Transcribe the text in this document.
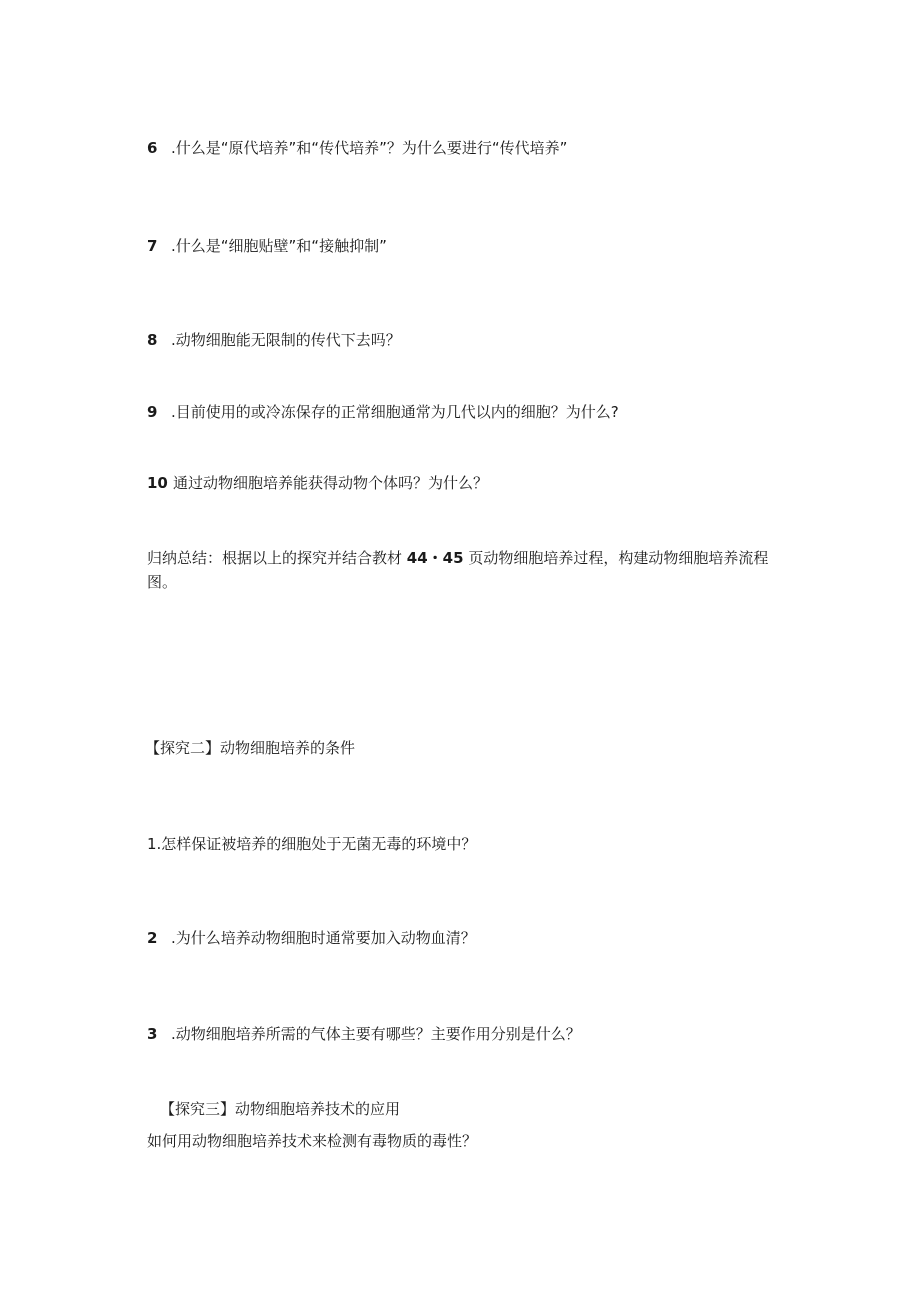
6 .什么是“原代培养”和“传代培养”？为什么要进行“传代培养”
7 .什么是“细胞贴壁”和“接触抑制”
8 .动物细胞能无限制的传代下去吗？
9 .目前使用的或冷冻保存的正常细胞通常为几代以内的细胞？为什么?
10 通过动物细胞培养能获得动物个体吗？为什么？
归纳总结：根据以上的探究并结合教材 44・45 页动物细胞培养过程，构建动物细胞培养流程图。
【探究二】动物细胞培养的条件
1.怎样保证被培养的细胞处于无菌无毒的环境中？
2 .为什么培养动物细胞时通常要加入动物血清？
3 .动物细胞培养所需的气体主要有哪些？主要作用分别是什么？
【探究三】动物细胞培养技术的应用
如何用动物细胞培养技术来检测有毒物质的毒性？
